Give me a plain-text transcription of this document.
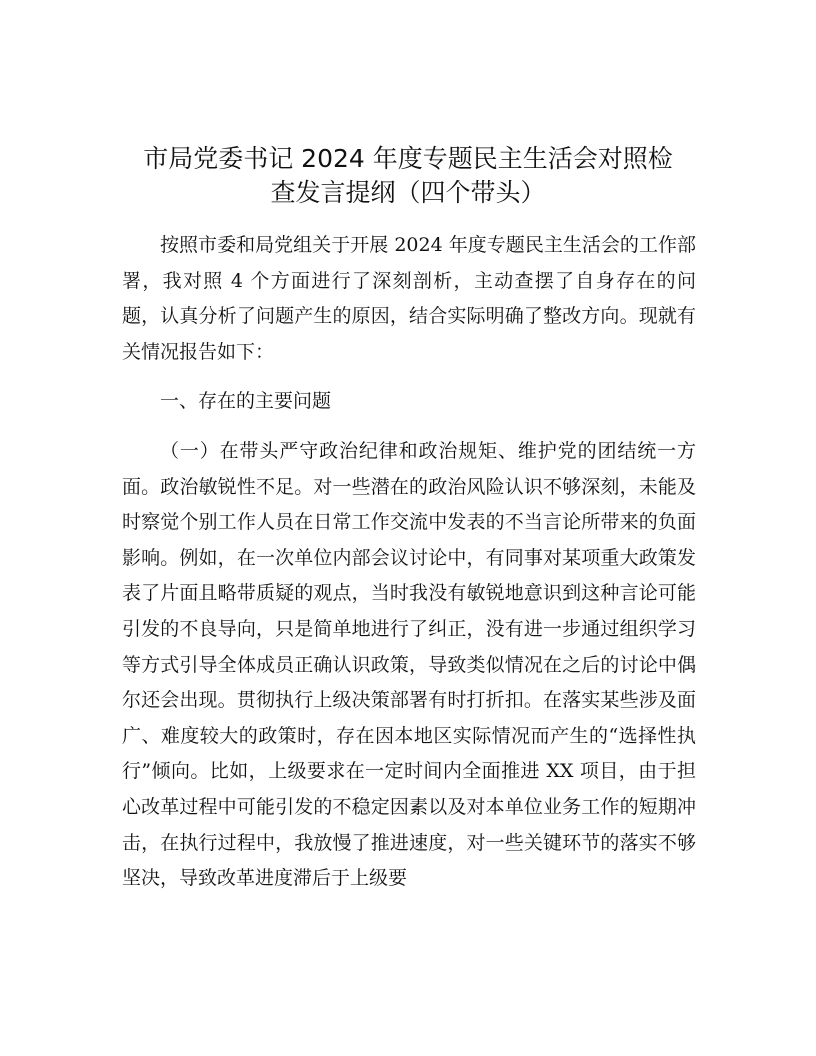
市局党委书记 2024 年度专题民主生活会对照检
查发言提纲（四个带头）

按照市委和局党组关于开展 2024 年度专题民主生活会的工作部署，我对照 4 个方面进行了深刻剖析，主动查摆了自身存在的问题，认真分析了问题产生的原因，结合实际明确了整改方向。现就有关情况报告如下：

一、存在的主要问题

（一）在带头严守政治纪律和政治规矩、维护党的团结统一方面。政治敏锐性不足。对一些潜在的政治风险认识不够深刻，未能及时察觉个别工作人员在日常工作交流中发表的不当言论所带来的负面影响。例如，在一次单位内部会议讨论中，有同事对某项重大政策发表了片面且略带质疑的观点，当时我没有敏锐地意识到这种言论可能引发的不良导向，只是简单地进行了纠正，没有进一步通过组织学习等方式引导全体成员正确认识政策，导致类似情况在之后的讨论中偶尔还会出现。贯彻执行上级决策部署有时打折扣。在落实某些涉及面广、难度较大的政策时，存在因本地区实际情况而产生的“选择性执行”倾向。比如，上级要求在一定时间内全面推进 XX 项目，由于担心改革过程中可能引发的不稳定因素以及对本单位业务工作的短期冲击，在执行过程中，我放慢了推进速度，对一些关键环节的落实不够坚决，导致改革进度滞后于上级要
